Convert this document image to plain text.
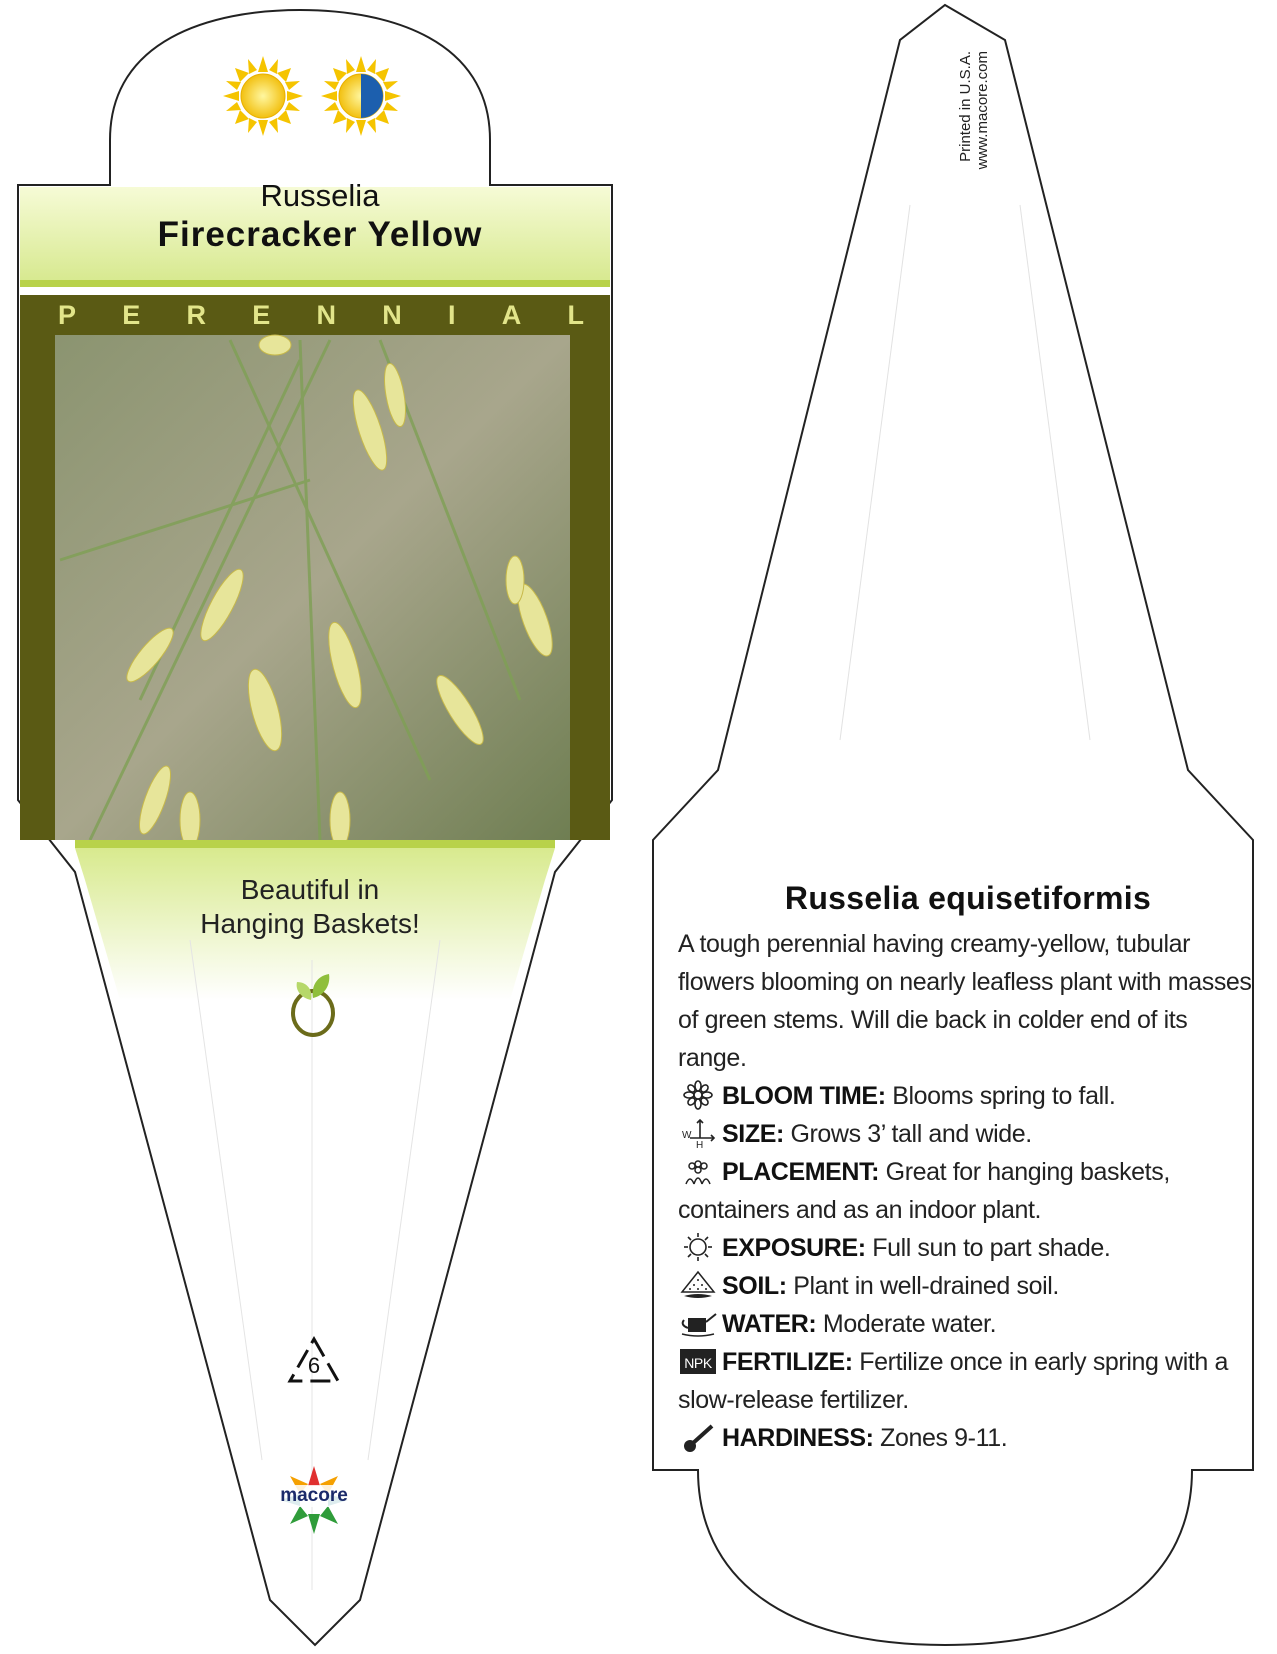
Russelia
Firecracker Yellow
P E R E N N I A L
Beautiful in
Hanging Baskets!
6
macore
Printed in U.S.A. www.macore.com
Russelia equisetiformis
A tough perennial having creamy-yellow, tubular flowers blooming on nearly leafless plant with masses of green stems. Will die back in colder end of its range.
BLOOM TIME: Blooms spring to fall.
W
H SIZE: Grows 3’ tall and wide.
PLACEMENT: Great for hanging baskets, containers and as an indoor plant.
EXPOSURE: Full sun to part shade.
SOIL: Plant in well-drained soil.
WATER: Moderate water.
NPK FERTILIZE: Fertilize once in early spring with a slow-release fertilizer.
HARDINESS: Zones 9-11.
